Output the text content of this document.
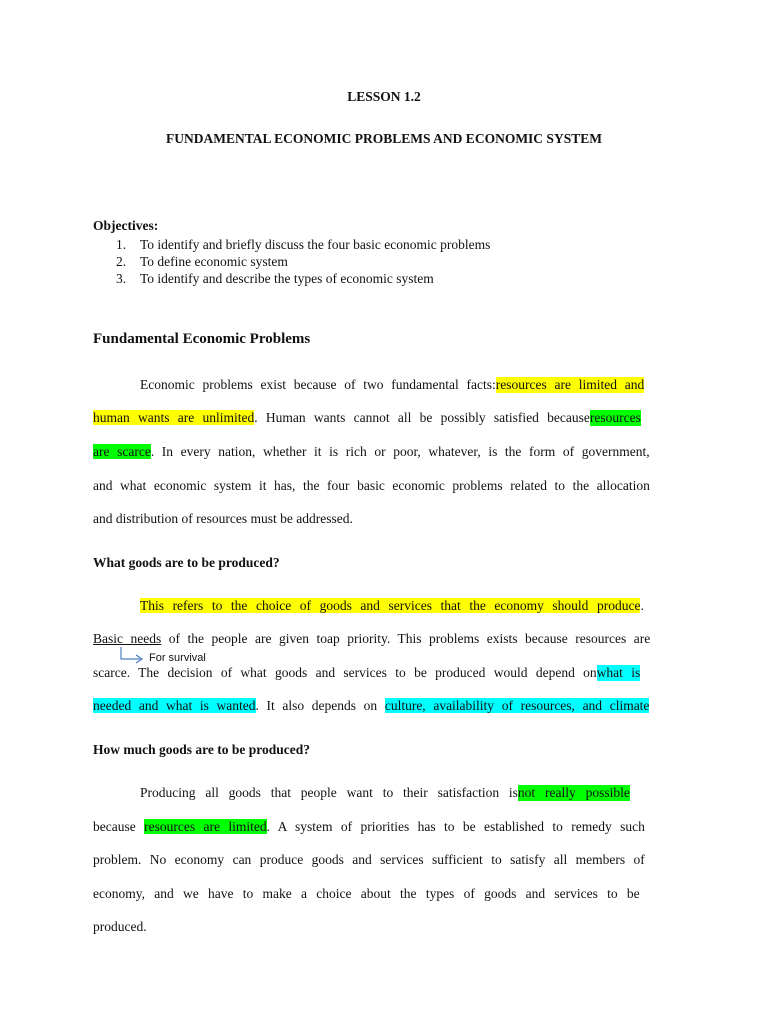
LESSON 1.2
FUNDAMENTAL ECONOMIC PROBLEMS AND ECONOMIC SYSTEM
Objectives:
1. To identify and briefly discuss the four basic economic problems
2. To define economic system
3. To identify and describe the types of economic system
Fundamental Economic Problems
Economic problems exist because of two fundamental facts: resources are limited and
human wants are unlimited. Human wants cannot all be possibly satisfied because resources
are scarce. In every nation, whether it is rich or poor, whatever, is the form of government,
and what economic system it has, the four basic economic problems related to the allocation
and distribution of resources must be addressed.
What goods are to be produced?
This refers to the choice of goods and services that the economy should produce.
Basic needs of the people are given toap priority. This problems exists because resources are
For survival
scarce. The decision of what goods and services to be produced would depend on what is
needed and what is wanted. It also depends on culture, availability of resources, and climate
How much goods are to be produced?
Producing all goods that people want to their satisfaction is not really possible
because resources are limited. A system of priorities has to be established to remedy such
problem. No economy can produce goods and services sufficient to satisfy all members of
economy, and we have to make a choice about the types of goods and services to be
produced.
